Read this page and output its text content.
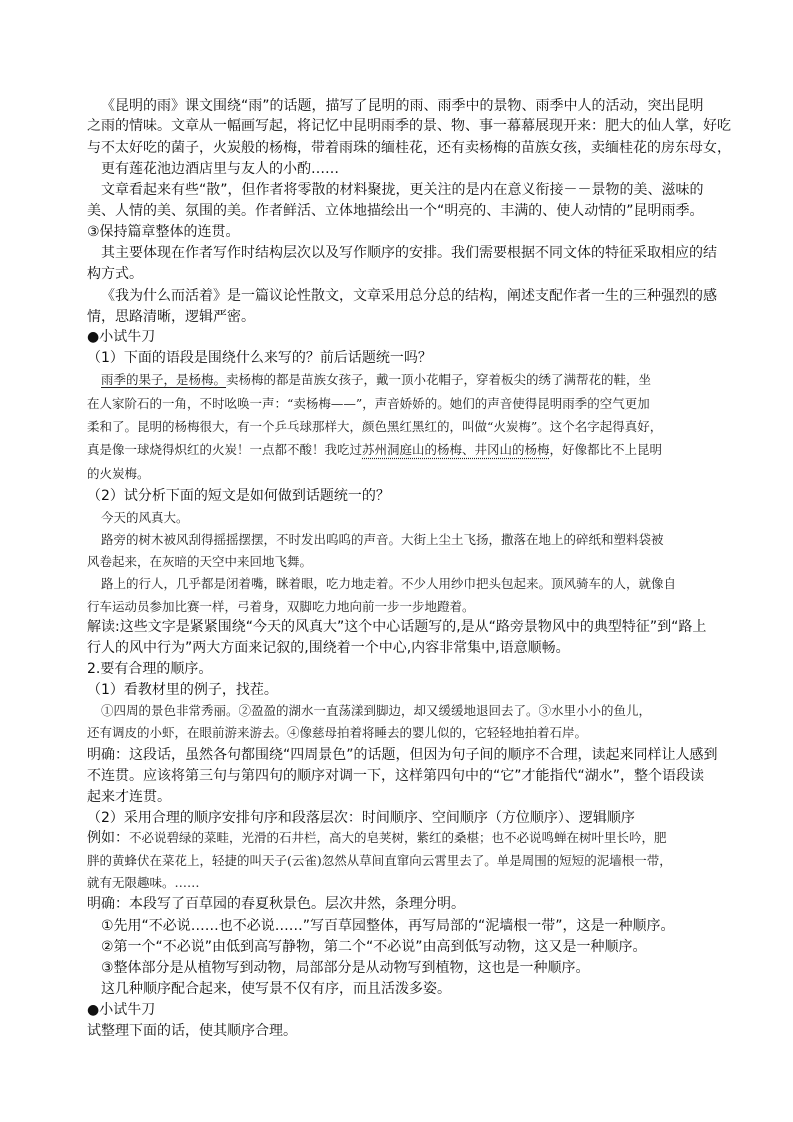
《昆明的雨》课文围绕“雨”的话题，描写了昆明的雨、雨季中的景物、雨季中人的活动，突出昆明
之雨的情味。文章从一幅画写起，将记忆中昆明雨季的景、物、事一幕幕展现开来：肥大的仙人掌，好吃
与不太好吃的菌子，火炭般的杨梅，带着雨珠的缅桂花，还有卖杨梅的苗族女孩，卖缅桂花的房东母女，
更有莲花池边酒店里与友人的小酌……
文章看起来有些“散”，但作者将零散的材料聚拢，更关注的是内在意义衔接－－景物的美、滋味的
美、人情的美、氛围的美。作者鲜活、立体地描绘出一个“明亮的、丰满的、使人动情的”昆明雨季。
③保持篇章整体的连贯。
其主要体现在作者写作时结构层次以及写作顺序的安排。我们需要根据不同文体的特征采取相应的结
构方式。
《我为什么而活着》是一篇议论性散文，文章采用总分总的结构，阐述支配作者一生的三种强烈的感
情，思路清晰，逻辑严密。
●小试牛刀
（1）下面的语段是围绕什么来写的？前后话题统一吗？
雨季的果子，是杨梅。卖杨梅的都是苗族女孩子，戴一顶小花帽子，穿着板尖的绣了满帮花的鞋，坐
在人家阶石的一角，不时吆唤一声：“卖杨梅——”，声音娇娇的。她们的声音使得昆明雨季的空气更加
柔和了。昆明的杨梅很大，有一个乒乓球那样大，颜色黑红黑红的，叫做“火炭梅”。这个名字起得真好，
真是像一球烧得炽红的火炭！一点都不酸！我吃过苏州洞庭山的杨梅、井冈山的杨梅，好像都比不上昆明
的火炭梅。
（2）试分析下面的短文是如何做到话题统一的？
今天的风真大。
路旁的树木被风刮得摇摇摆摆，不时发出呜呜的声音。大街上尘土飞扬，撒落在地上的碎纸和塑料袋被
风卷起来，在灰暗的天空中来回地飞舞。
路上的行人，几乎都是闭着嘴，眯着眼，吃力地走着。不少人用纱巾把头包起来。顶风骑车的人，就像自
行车运动员参加比赛一样，弓着身，双脚吃力地向前一步一步地蹬着。
解读:这些文字是紧紧围绕“今天的风真大”这个中心话题写的,是从“路旁景物风中的典型特征”到“路上
行人的风中行为”两大方面来记叙的,围绕着一个中心,内容非常集中,语意顺畅。
2.要有合理的顺序。
（1）看教材里的例子，找茬。
①四周的景色非常秀丽。②盈盈的湖水一直荡漾到脚边，却又缓缓地退回去了。③水里小小的鱼儿，
还有调皮的小虾，在眼前游来游去。④像慈母拍着将睡去的婴儿似的，它轻轻地拍着石岸。
明确：这段话，虽然各句都围绕“四周景色”的话题，但因为句子间的顺序不合理，读起来同样让人感到
不连贯。应该将第三句与第四句的顺序对调一下，这样第四句中的“它”才能指代“湖水”，整个语段读
起来才连贯。
（2）采用合理的顺序安排句序和段落层次：时间顺序、空间顺序（方位顺序）、逻辑顺序
例如：不必说碧绿的菜畦，光滑的石井栏，高大的皂荚树，紫红的桑椹；也不必说鸣蝉在树叶里长吟，肥
胖的黄蜂伏在菜花上，轻捷的叫天子(云雀)忽然从草间直窜向云霄里去了。单是周围的短短的泥墙根一带，
就有无限趣味。……
明确：本段写了百草园的春夏秋景色。层次井然，条理分明。
①先用“不必说……也不必说……”写百草园整体，再写局部的“泥墙根一带”，这是一种顺序。
②第一个“不必说”由低到高写静物，第二个“不必说”由高到低写动物，这又是一种顺序。
③整体部分是从植物写到动物，局部部分是从动物写到植物，这也是一种顺序。
这几种顺序配合起来，使写景不仅有序，而且活泼多姿。
●小试牛刀
试整理下面的话，使其顺序合理。
